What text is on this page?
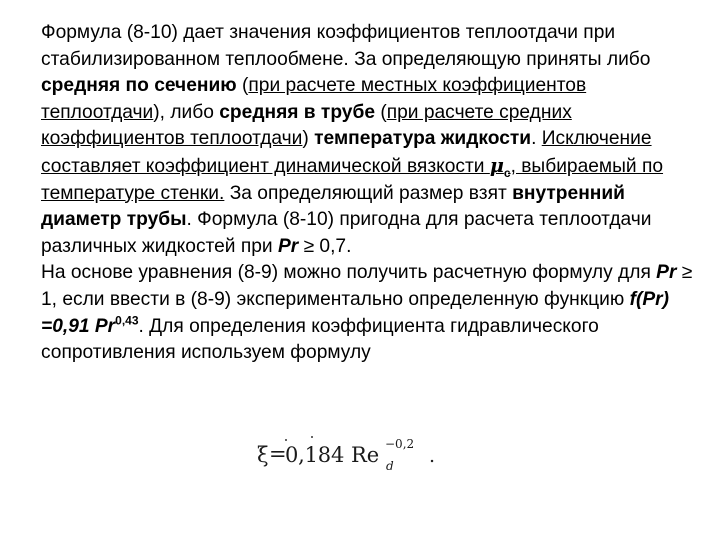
Формула (8-10) дает значения коэффициентов теплоотдачи при стабилизированном теплообмене. За определяющую приняты либо средняя по сечению (при расчете местных коэффициентов теплоотдачи), либо средняя в трубе (при расчете средних коэффициентов теплоотдачи) температура жидкости. Исключение составляет коэффициент динамической вязкости $\mu_c$, выбираемый по температуре стенки. За определяющий размер взят внутренний диаметр трубы. Формула (8-10) пригодна для расчета теплоотдачи различных жидкостей при Pr ≥ 0,7.

На основе уравнения (8-9) можно получить расчетную формулу для Pr ≥ 1, если ввести в (8-9) экспериментально определенную функцию f(Pr) =0,91 Pr$^{0,43}$. Для определения коэффициента гидравлического сопротивления используем формулу

ξ =
0,184 Re −0,2
d .
